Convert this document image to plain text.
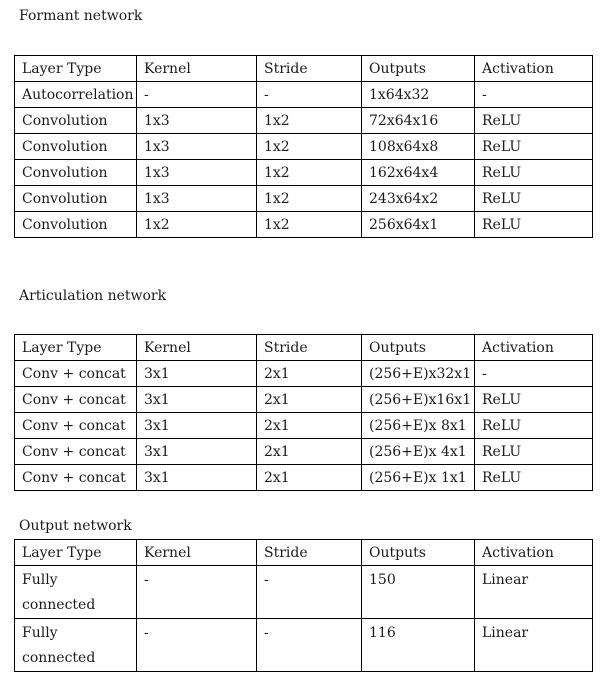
Formant network
Layer Type	Kernel	Stride	Outputs	Activation
Autocorrelation	-	-	1x64x32	-
Convolution	1x3	1x2	72x64x16	ReLU
Convolution	1x3	1x2	108x64x8	ReLU
Convolution	1x3	1x2	162x64x4	ReLU
Convolution	1x3	1x2	243x64x2	ReLU
Convolution	1x2	1x2	256x64x1	ReLU
Articulation network
Layer Type	Kernel	Stride	Outputs	Activation
Conv + concat	3x1	2x1	(256+E)x32x1	-
Conv + concat	3x1	2x1	(256+E)x16x1	ReLU
Conv + concat	3x1	2x1	(256+E)x 8x1	ReLU
Conv + concat	3x1	2x1	(256+E)x 4x1	ReLU
Conv + concat	3x1	2x1	(256+E)x 1x1	ReLU
Output network
Layer Type	Kernel	Stride	Outputs	Activation
Fully connected	-	-	150	Linear
Fully connected	-	-	116	Linear
